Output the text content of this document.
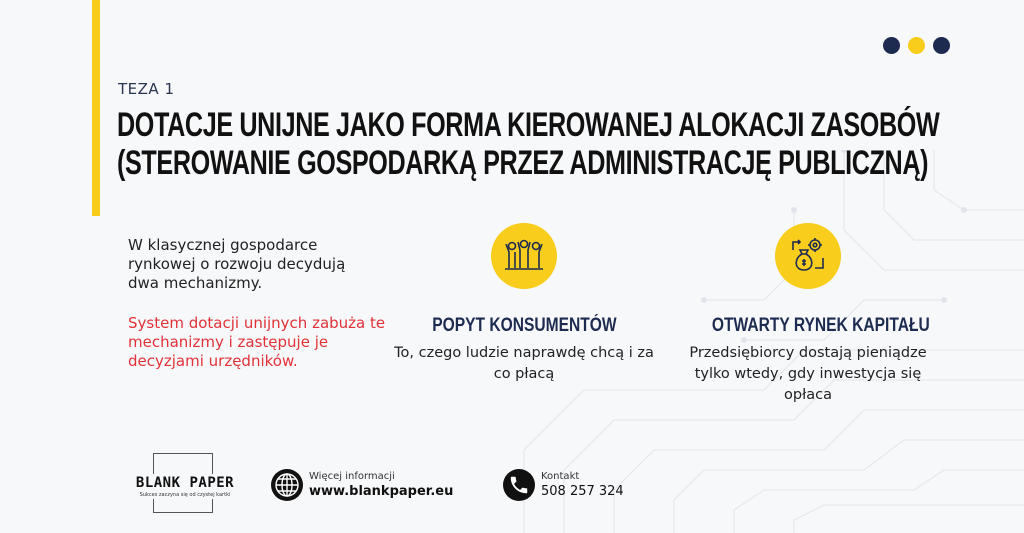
TEZA 1
DOTACJE UNIJNE JAKO FORMA KIEROWANEJ ALOKACJI ZASOBÓW
(STEROWANIE GOSPODARKĄ PRZEZ ADMINISTRACJĘ PUBLICZNĄ)

W klasycznej gospodarce rynkowej o rozwoju decydują dwa mechanizmy.

System dotacji unijnych zabuża te mechanizmy i zastępuje je decyzjami urzędników.

POPYT KONSUMENTÓW
To, czego ludzie naprawdę chcą i za co płacą
OTWARTY RYNEK KAPITAŁU
Przedsiębiorcy dostają pieniądze tylko wtedy, gdy inwestycja się opłaca
BLANK PAPER
Sukces zaczyna się od czystej kartki
Więcej informacji
www.blankpaper.eu
Kontakt
508 257 324
